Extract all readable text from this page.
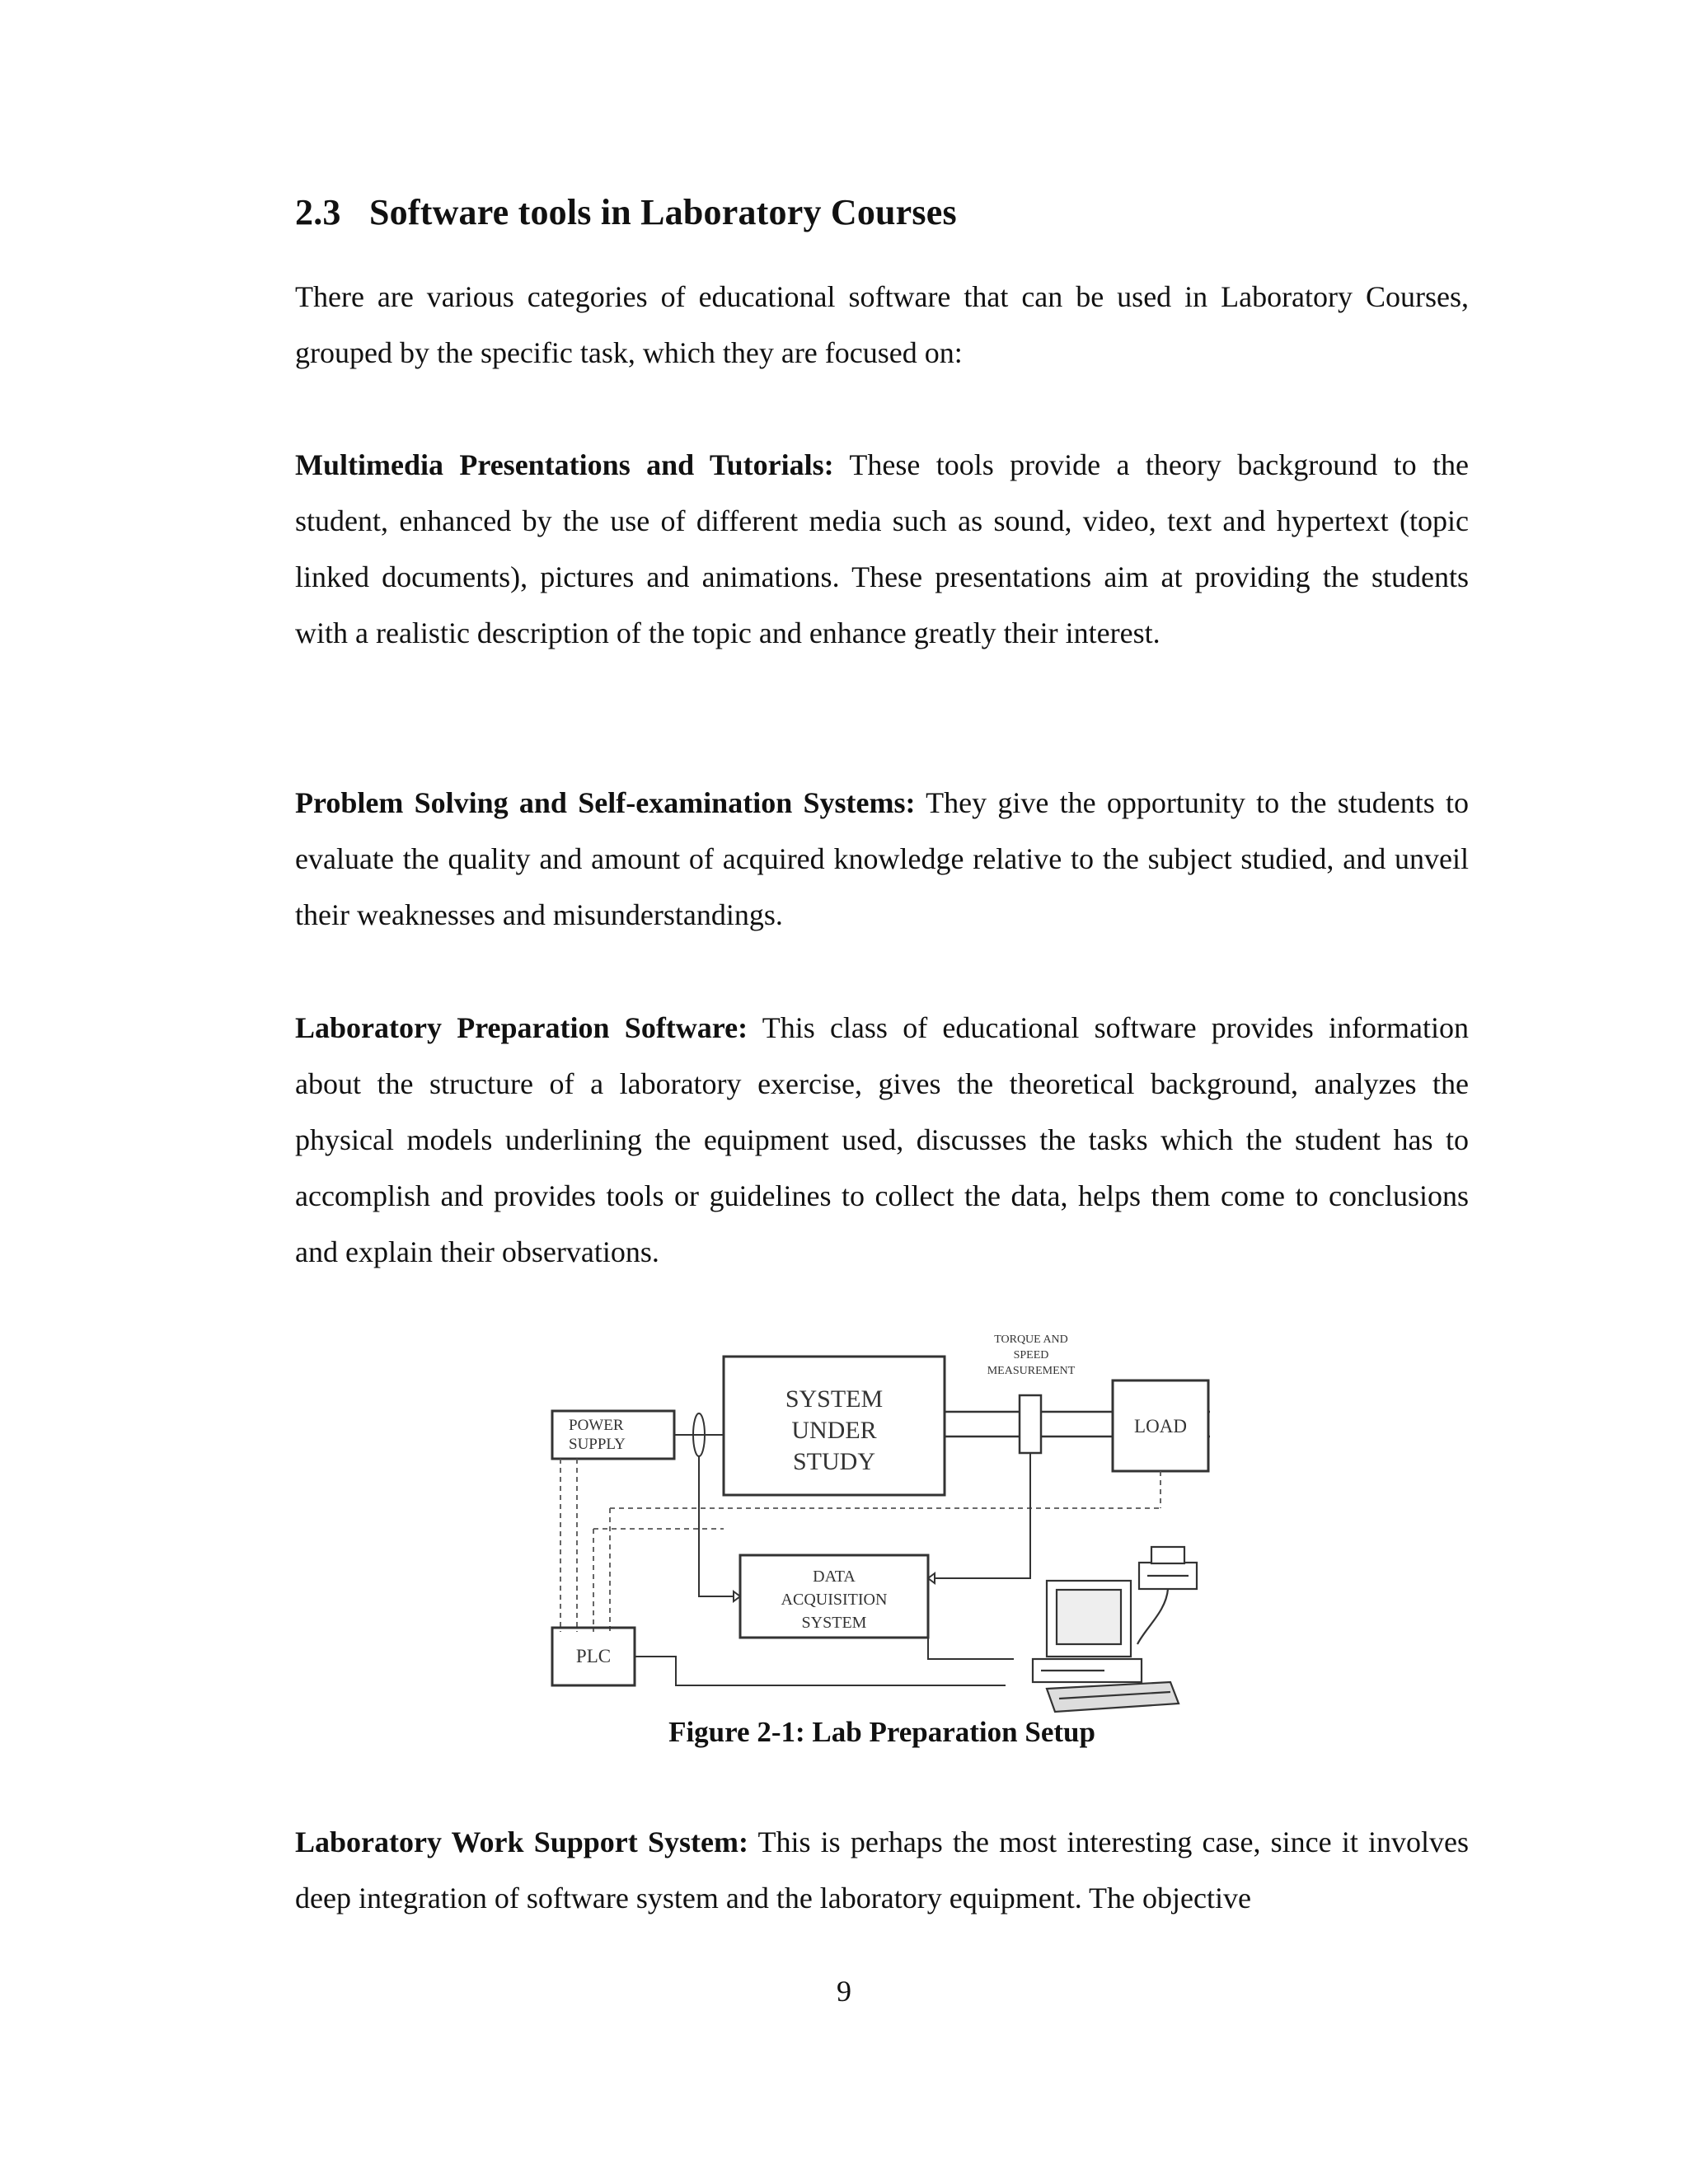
2.3 Software tools in Laboratory Courses

There are various categories of educational software that can be used in Laboratory Courses, grouped by the specific task, which they are focused on:

Multimedia Presentations and Tutorials: These tools provide a theory background to the student, enhanced by the use of different media such as sound, video, text and hypertext (topic linked documents), pictures and animations. These presentations aim at providing the students with a realistic description of the topic and enhance greatly their interest.

Problem Solving and Self-examination Systems: They give the opportunity to the students to evaluate the quality and amount of acquired knowledge relative to the subject studied, and unveil their weaknesses and misunderstandings.

Laboratory Preparation Software: This class of educational software provides information about the structure of a laboratory exercise, gives the theoretical background, analyzes the physical models underlining the equipment used, discusses the tasks which the student has to accomplish and provides tools or guidelines to collect the data, helps them come to conclusions and explain their observations.

POWER
SUPPLY
SYSTEM
UNDER
STUDY
TORQUE AND
SPEED
MEASUREMENT
LOAD
DATA
ACQUISITION
SYSTEM
PLC

Figure 2-1: Lab Preparation Setup

Laboratory Work Support System: This is perhaps the most interesting case, since it involves deep integration of software system and the laboratory equipment. The objective

9
